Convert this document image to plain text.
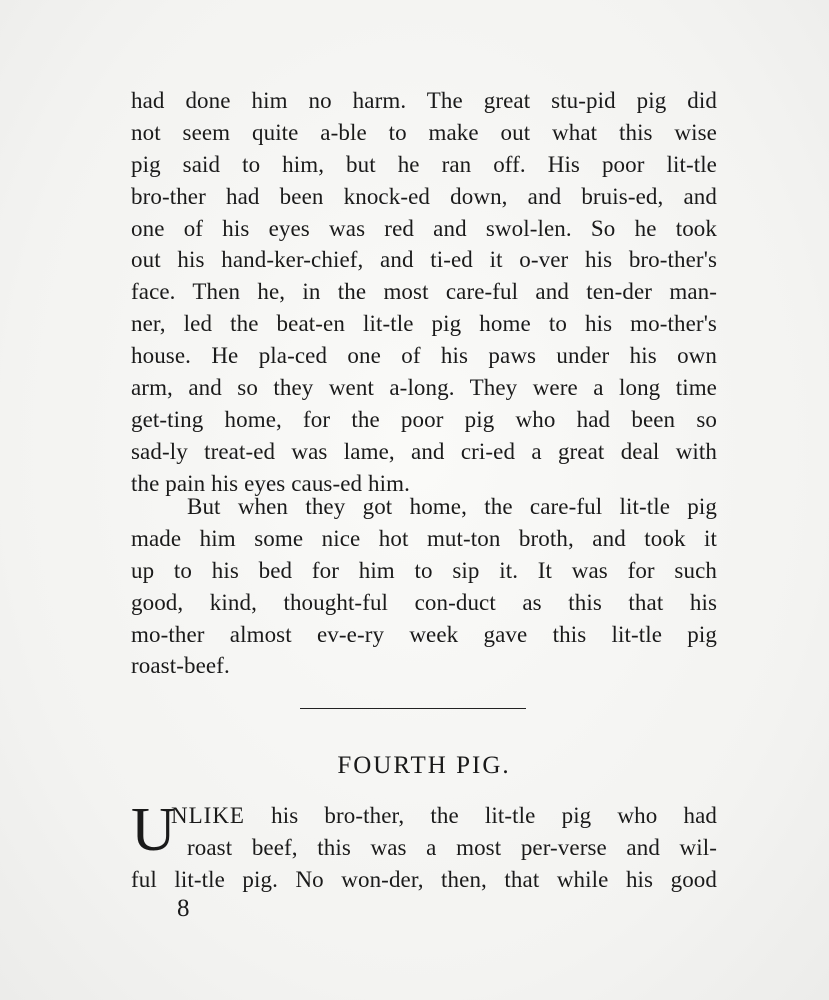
had done him no harm. The great stu-pid pig did
not seem quite a-ble to make out what this wise
pig said to him, but he ran off. His poor lit-tle
bro-ther had been knock-ed down, and bruis-ed, and
one of his eyes was red and swol-len. So he took
out his hand-ker-chief, and ti-ed it o-ver his bro-ther's
face. Then he, in the most care-ful and ten-der man-
ner, led the beat-en lit-tle pig home to his mo-ther's
house. He pla-ced one of his paws under his own
arm, and so they went a-long. They were a long time
get-ting home, for the poor pig who had been so
sad-ly treat-ed was lame, and cri-ed a great deal with
the pain his eyes caus-ed him.
But when they got home, the care-ful lit-tle pig
made him some nice hot mut-ton broth, and took it
up to his bed for him to sip it. It was for such
good, kind, thought-ful con-duct as this that his
mo-ther almost ev-e-ry week gave this lit-tle pig
roast-beef.
FOURTH PIG.
U
NLIKE his bro-ther, the lit-tle pig who had
roast beef, this was a most per-verse and wil-
ful lit-tle pig. No won-der, then, that while his good
8
